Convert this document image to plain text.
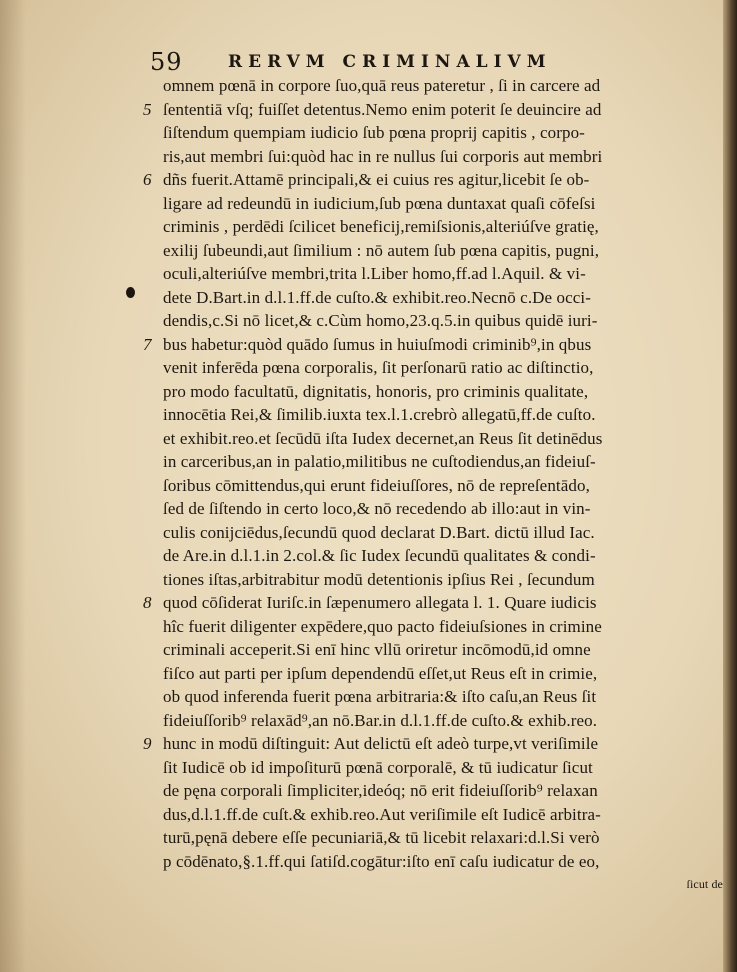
59	RERVM CRIMINALIVM
omnem pœnā in corpore ſuo,quā reus pateretur , ſi in carcere ad
5 ſententiā vſq; fuiſſet detentus.Nemo enim poterit ſe deuincire ad
ſiſtendum quempiam iudicio ſub pœna proprij capitis , corpo-
ris,aut membri ſui:quòd hac in re nullus ſui corporis aut membri
6 dñs fuerit.Attamē principali,& ei cuius res agitur,licebit ſe ob-
ligare ad redeundū in iudicium,ſub pœna duntaxat quaſi cōfeſsi
criminis , perdēdi ſcilicet beneficij,remiſsionis,alteriúſve gratię,
exilij ſubeundi,aut ſimilium : nō autem ſub pœna capitis, pugni,
oculi,alteriúſve membri,trita l.Liber homo,ff.ad l.Aquil. & vi-
dete D.Bart.in d.l.1.ff.de cuſto.& exhibit.reo.Necnō c.De occi-
dendis,c.Si nō licet,& c.Cùm homo,23.q.5.in quibus quidē iuri-
7 bus habetur:quòd quādo ſumus in huiuſmodi criminib⁹,in qbus
venit inferēda pœna corporalis, ſit perſonarū ratio ac diſtinctio,
pro modo facultatū, dignitatis, honoris, pro criminis qualitate,
innocētia Rei,& ſimilib.iuxta tex.l.1.crebrò allegatū,ff.de cuſto.
et exhibit.reo.et ſecūdū iſta Iudex decernet,an Reus ſit detinēdus
in carceribus,an in palatio,militibus ne cuſtodiendus,an fideiuſ-
ſoribus cōmittendus,qui erunt fideiuſſores, nō de repreſentādo,
ſed de ſiſtendo in certo loco,& nō recedendo ab illo:aut in vin-
culis conijciēdus,ſecundū quod declarat D.Bart. dictū illud Iac.
de Are.in d.l.1.in 2.col.& ſic Iudex ſecundū qualitates & condi-
tiones iſtas,arbitrabitur modū detentionis ipſius Rei , ſecundum
8 quod cōſiderat Iuriſc.in ſæpenumero allegata l. 1. Quare iudicis
hîc fuerit diligenter expēdere,quo pacto fideiuſsiones in crimine
criminali acceperit.Si enī hinc vllū oriretur incōmodū,id omne
fiſco aut parti per ipſum dependendū eſſet,ut Reus eſt in crimie,
ob quod inferenda fuerit pœna arbitraria:& iſto caſu,an Reus ſit
fideiuſſorib⁹ relaxād⁹,an nō.Bar.in d.l.1.ff.de cuſto.& exhib.reo.
9 hunc in modū diſtinguit: Aut delictū eſt adeò turpe,vt veriſimile
ſit Iudicē ob id impoſiturū pœnā corporalē, & tū iudicatur ſicut
de pęna corporali ſimpliciter,ideóq; nō erit fideiuſſorib⁹ relaxan
dus,d.l.1.ff.de cuſt.& exhib.reo.Aut veriſimile eſt Iudicē arbitra-
turū,pęnā debere eſſe pecuniariā,& tū licebit relaxari:d.l.Si verò
p cōdēnato,§.1.ff.qui ſatiſd.cogātur:iſto enī caſu iudicatur de eo,
ſicut de
